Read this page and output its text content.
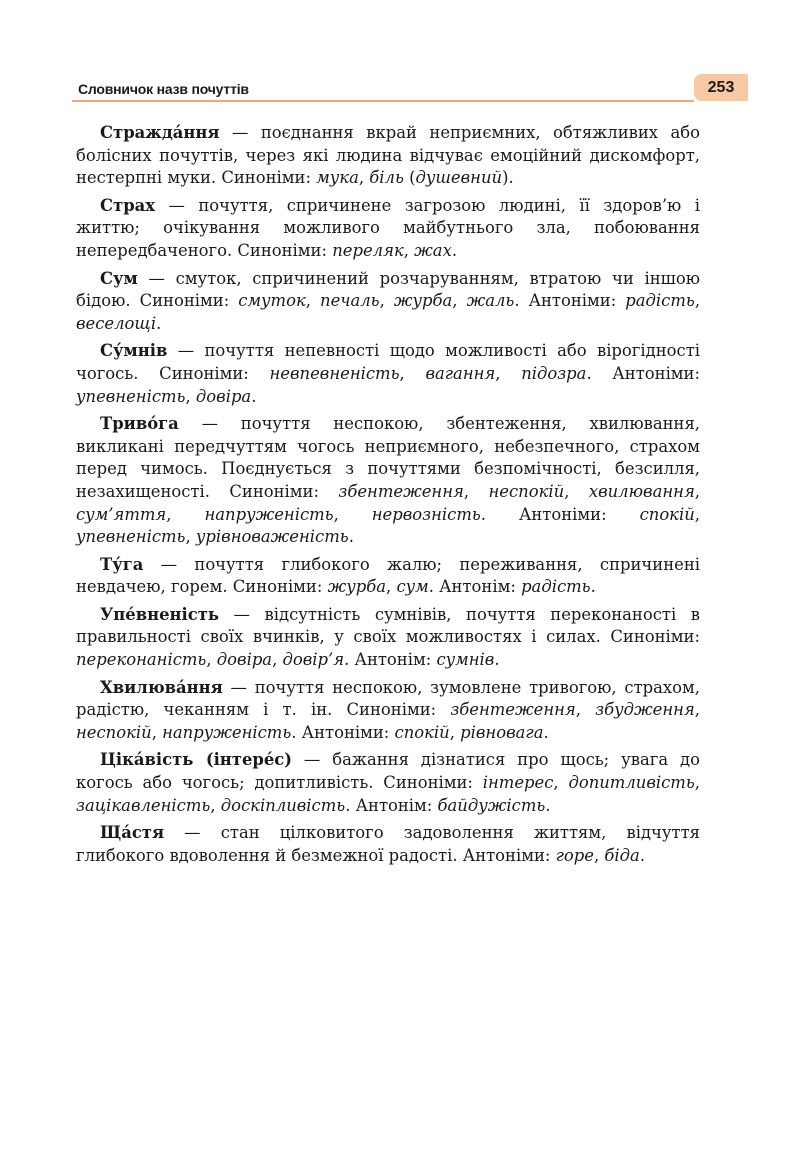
Словничок назв почуттів	253

Стражда́ння — поєднання вкрай неприємних, обтяжливих або болісних почуттів, через які людина відчуває емоційний дискомфорт, нестерпні муки. Синоніми: мука, біль (душевний).

Страх — почуття, спричинене загрозою людині, її здоров’ю і життю; очікування можливого майбутнього зла, побоювання непередбаченого. Синоніми: переляк, жах.

Сум — смуток, спричинений розчаруванням, втратою чи іншою бідою. Синоніми: смуток, печаль, журба, жаль. Антоніми: радість, веселощі.

Су́мнів — почуття непевності щодо можливості або вірогідності чогось. Синоніми: невпевненість, вагання, підозра. Антоніми: упевненість, довіра.

Триво́га — почуття неспокою, збентеження, хвилювання, викликані передчуттям чогось неприємного, небезпечного, страхом перед чимось. Поєднується з почуттями безпомічності, безсилля, незахищеності. Синоніми: збентеження, неспокій, хвилювання, сум’яття, напруженість, нервозність. Антоніми: спокій, упевненість, урівноваженість.

Ту́га — почуття глибокого жалю; переживання, спричинені невдачею, горем. Синоніми: журба, сум. Антонім: радість.

Упе́вненість — відсутність сумнівів, почуття переконаності в правильності своїх вчинків, у своїх можливостях і силах. Синоніми: переконаність, довіра, довір’я. Антонім: сумнів.

Хвилюва́ння — почуття неспокою, зумовлене тривогою, страхом, радістю, чеканням і т. ін. Синоніми: збентеження, збудження, неспокій, напруженість. Антоніми: спокій, рівновага.

Ціка́вість (інтере́с) — бажання дізнатися про щось; увага до когось або чогось; допитливість. Синоніми: інтерес, допитливість, зацікавленість, доскіпливість. Антонім: байдужість.

Ща́стя — стан цілковитого задоволення життям, відчуття глибокого вдоволення й безмежної радості. Антоніми: горе, біда.
